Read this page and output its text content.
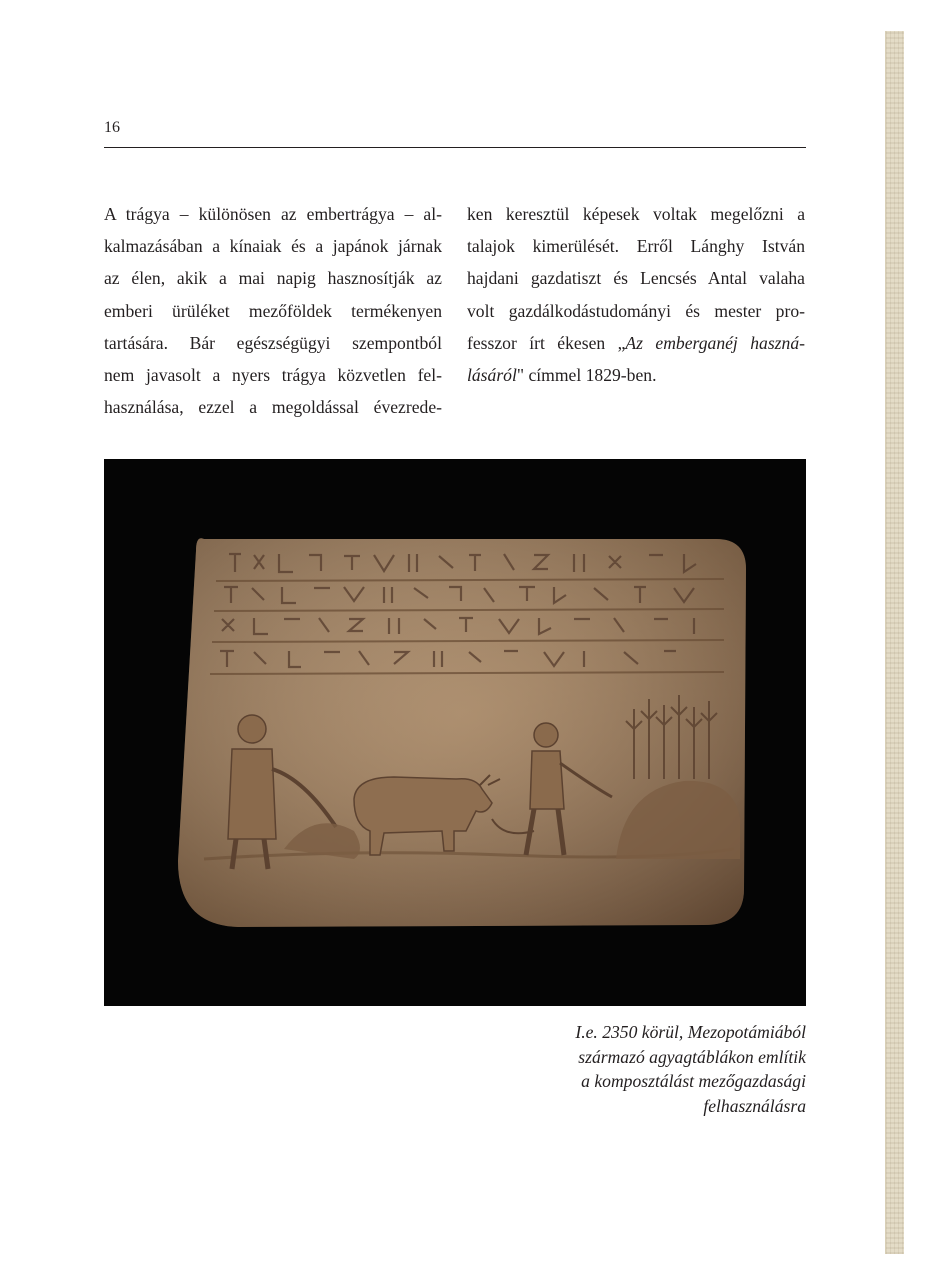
16
A trágya – különösen az embertrágya – al-
kalmazásában a kínaiak és a japánok járnak
az élen, akik a mai napig hasznosítják az
emberi ürüléket mezőföldek termékenyen
tartására. Bár egészségügyi szempontból
nem javasolt a nyers trágya közvetlen fel-
használása, ezzel a megoldással évezrede-
ken keresztül képesek voltak megelőzni a
talajok kimerülését. Erről Lánghy István
hajdani gazdatiszt és Lencsés Antal valaha
volt gazdálkodástudományi és mester pro-
fesszor írt ékesen „Az emberganéj haszná-
lásáról" címmel 1829-ben.
I.e. 2350 körül, Mezopotámiából
származó agyagtáblákon említik
a komposztálást mezőgazdasági
felhasználásra
